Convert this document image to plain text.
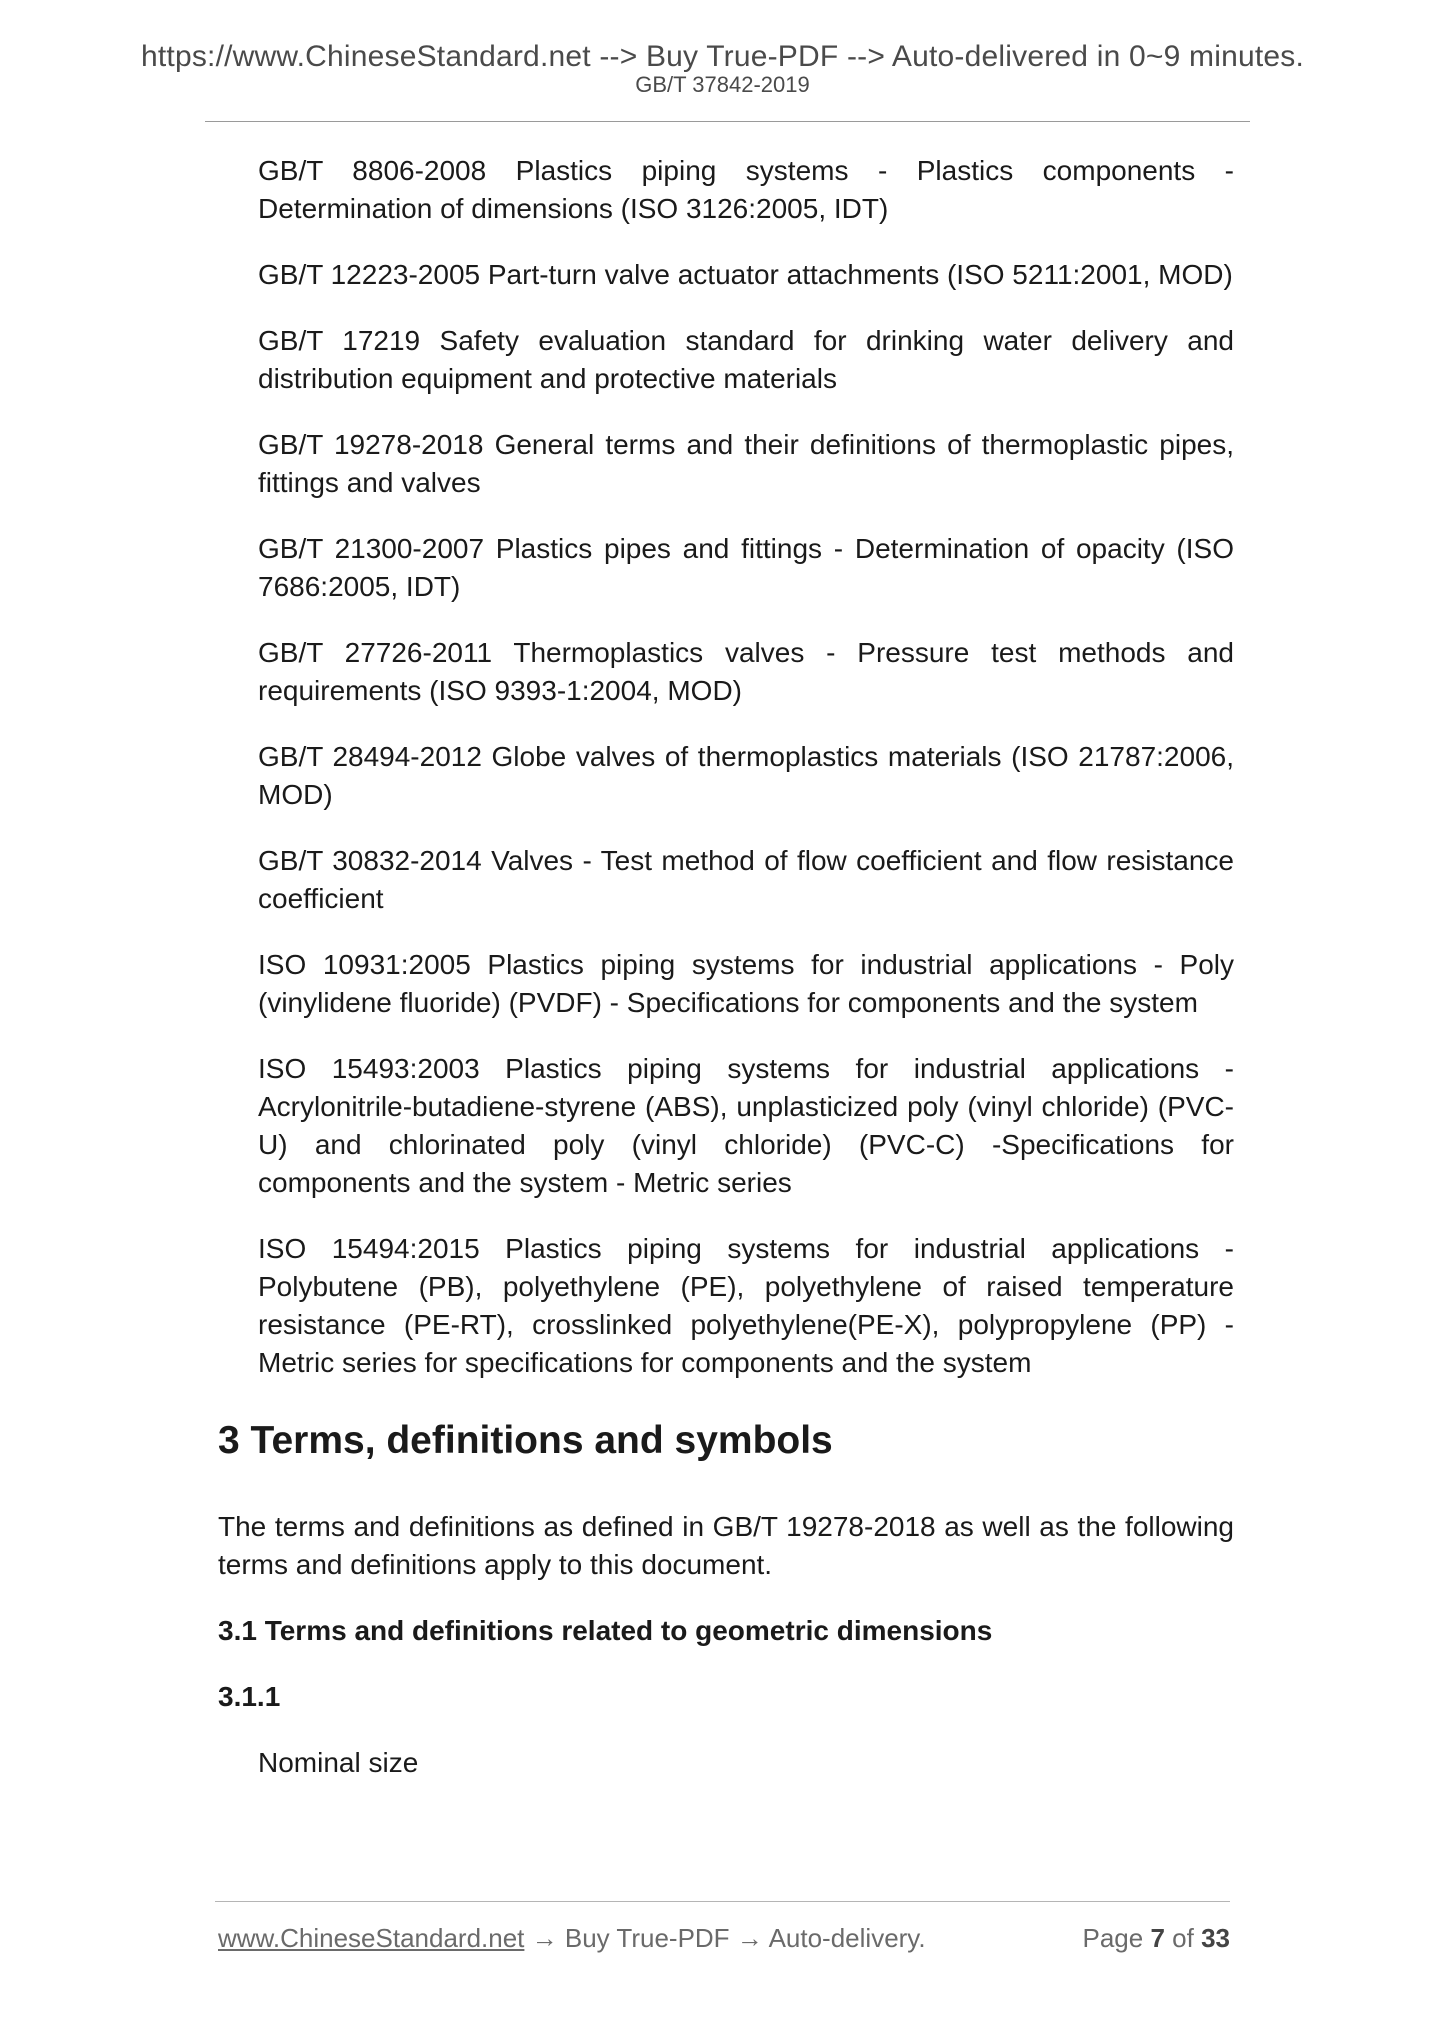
https://www.ChineseStandard.net --> Buy True-PDF --> Auto-delivered in 0~9 minutes.
GB/T 37842-2019

GB/T 8806-2008 Plastics piping systems - Plastics components - Determination of dimensions (ISO 3126:2005, IDT)

GB/T 12223-2005 Part-turn valve actuator attachments (ISO 5211:2001, MOD)

GB/T 17219 Safety evaluation standard for drinking water delivery and distribution equipment and protective materials

GB/T 19278-2018 General terms and their definitions of thermoplastic pipes, fittings and valves

GB/T 21300-2007 Plastics pipes and fittings - Determination of opacity (ISO 7686:2005, IDT)

GB/T 27726-2011 Thermoplastics valves - Pressure test methods and requirements (ISO 9393-1:2004, MOD)

GB/T 28494-2012 Globe valves of thermoplastics materials (ISO 21787:2006, MOD)

GB/T 30832-2014 Valves - Test method of flow coefficient and flow resistance coefficient

ISO 10931:2005 Plastics piping systems for industrial applications - Poly (vinylidene fluoride) (PVDF) - Specifications for components and the system

ISO 15493:2003 Plastics piping systems for industrial applications - Acrylonitrile-butadiene-styrene (ABS), unplasticized poly (vinyl chloride) (PVC-U) and chlorinated poly (vinyl chloride) (PVC-C) -Specifications for components and the system - Metric series

ISO 15494:2015 Plastics piping systems for industrial applications - Polybutene (PB), polyethylene (PE), polyethylene of raised temperature resistance (PE-RT), crosslinked polyethylene(PE-X), polypropylene (PP) - Metric series for specifications for components and the system

3 Terms, definitions and symbols

The terms and definitions as defined in GB/T 19278-2018 as well as the following terms and definitions apply to this document.

3.1 Terms and definitions related to geometric dimensions

3.1.1

Nominal size

www.ChineseStandard.net → Buy True-PDF → Auto-delivery.	Page 7 of 33
